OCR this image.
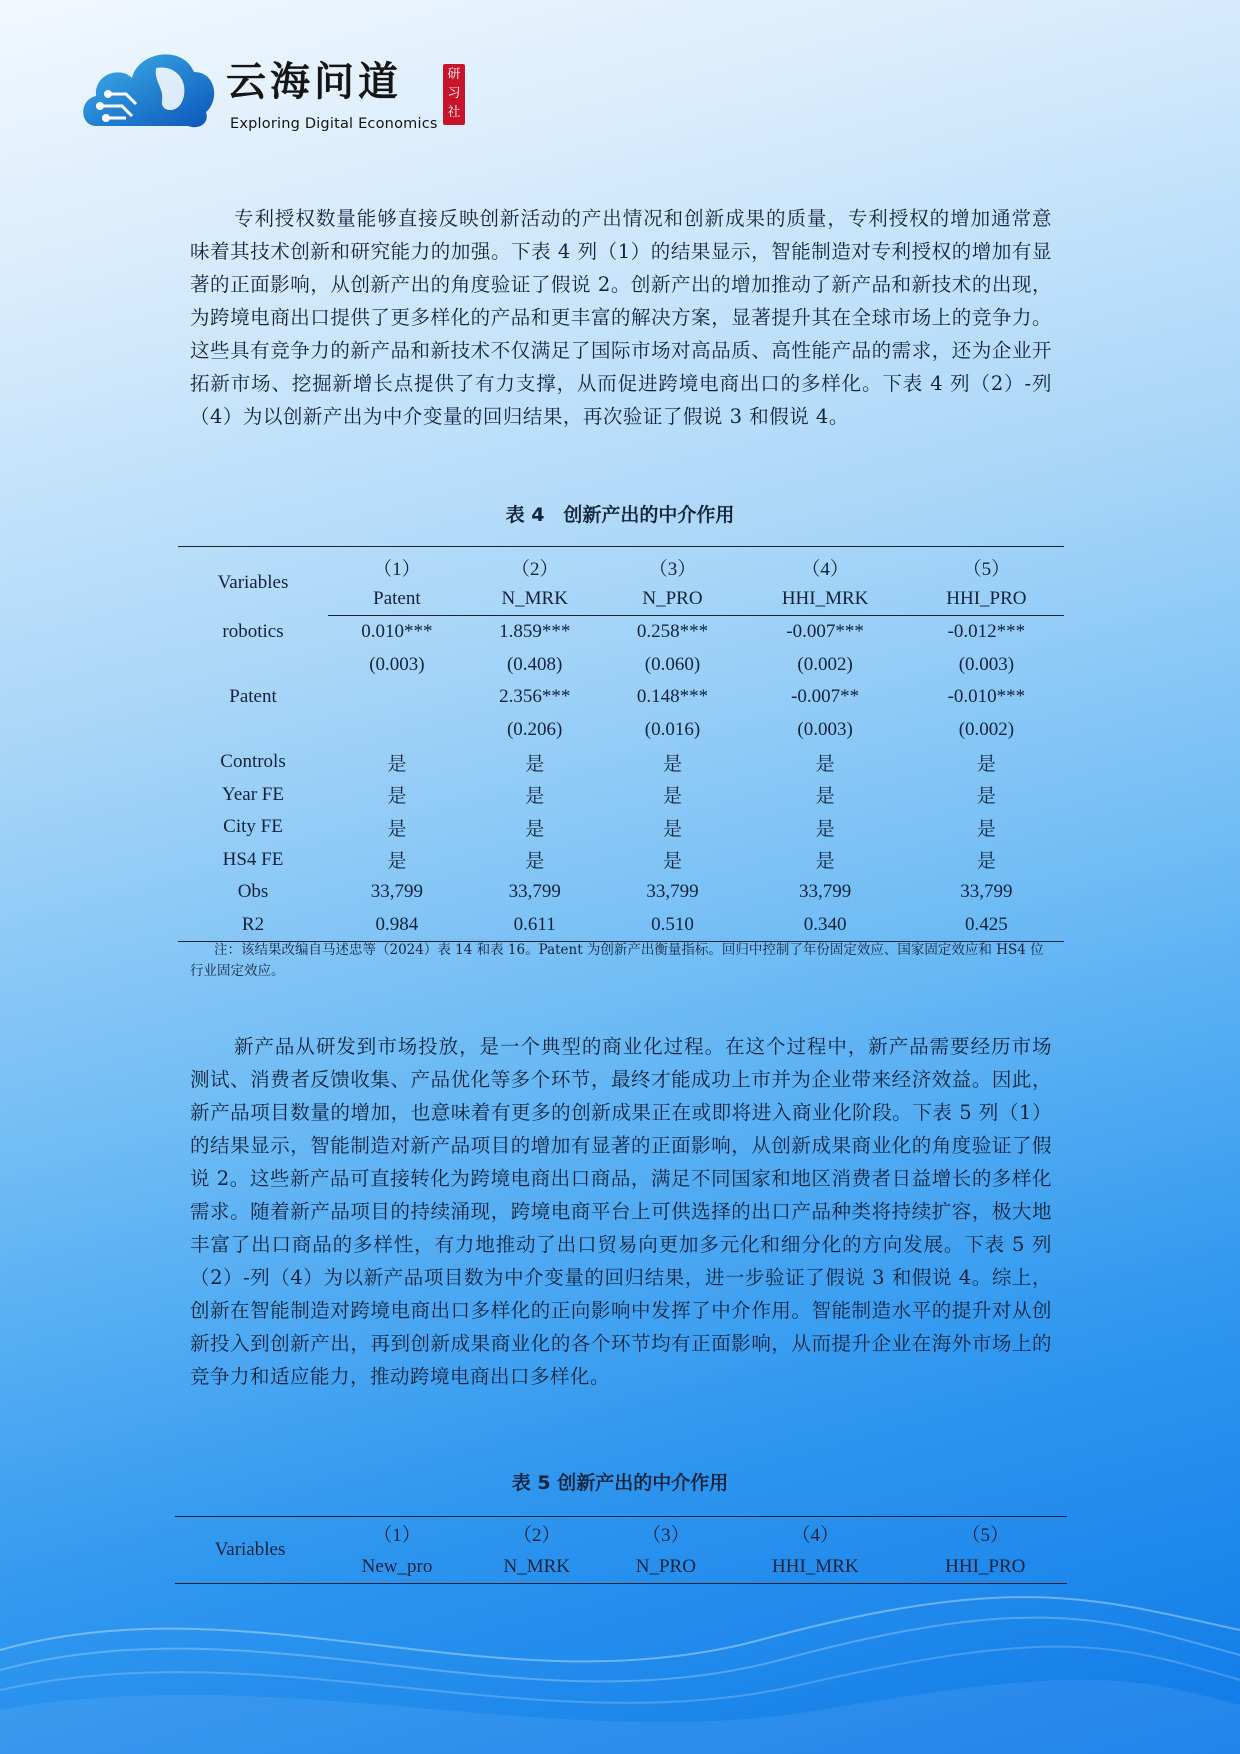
云海问道	研习社
Exploring Digital Economics

专利授权数量能够直接反映创新活动的产出情况和创新成果的质量，专利授权的增加通常意味着其技术创新和研究能力的加强。下表 4 列（1）的结果显示，智能制造对专利授权的增加有显著的正面影响，从创新产出的角度验证了假说 2。创新产出的增加推动了新产品和新技术的出现，为跨境电商出口提供了更多样化的产品和更丰富的解决方案，显著提升其在全球市场上的竞争力。这些具有竞争力的新产品和新技术不仅满足了国际市场对高品质、高性能产品的需求，还为企业开拓新市场、挖掘新增长点提供了有力支撑，从而促进跨境电商出口的多样化。下表 4 列（2）-列（4）为以创新产出为中介变量的回归结果，再次验证了假说 3 和假说 4。

表 4　创新产出的中介作用
Variables	（1）	（2）	（3）	（4）	（5）
	Patent	N_MRK	N_PRO	HHI_MRK	HHI_PRO
robotics	0.010***	1.859***	0.258***	-0.007***	-0.012***
	(0.003)	(0.408)	(0.060)	(0.002)	(0.003)
Patent		2.356***	0.148***	-0.007**	-0.010***
		(0.206)	(0.016)	(0.003)	(0.002)
Controls	是	是	是	是	是
Year FE	是	是	是	是	是
City FE	是	是	是	是	是
HS4 FE	是	是	是	是	是
Obs	33,799	33,799	33,799	33,799	33,799
R2	0.984	0.611	0.510	0.340	0.425

注：该结果改编自马述忠等（2024）表 14 和表 16。Patent 为创新产出衡量指标。回归中控制了年份固定效应、国家固定效应和 HS4 位行业固定效应。

新产品从研发到市场投放，是一个典型的商业化过程。在这个过程中，新产品需要经历市场测试、消费者反馈收集、产品优化等多个环节，最终才能成功上市并为企业带来经济效益。因此，新产品项目数量的增加，也意味着有更多的创新成果正在或即将进入商业化阶段。下表 5 列（1）的结果显示，智能制造对新产品项目的增加有显著的正面影响，从创新成果商业化的角度验证了假说 2。这些新产品可直接转化为跨境电商出口商品，满足不同国家和地区消费者日益增长的多样化需求。随着新产品项目的持续涌现，跨境电商平台上可供选择的出口产品种类将持续扩容，极大地丰富了出口商品的多样性，有力地推动了出口贸易向更加多元化和细分化的方向发展。下表 5 列（2）-列（4）为以新产品项目数为中介变量的回归结果，进一步验证了假说 3 和假说 4。综上，创新在智能制造对跨境电商出口多样化的正向影响中发挥了中介作用。智能制造水平的提升对从创新投入到创新产出，再到创新成果商业化的各个环节均有正面影响，从而提升企业在海外市场上的竞争力和适应能力，推动跨境电商出口多样化。

表 5 创新产出的中介作用
Variables	（1）	（2）	（3）	（4）	（5）
	New_pro	N_MRK	N_PRO	HHI_MRK	HHI_PRO
